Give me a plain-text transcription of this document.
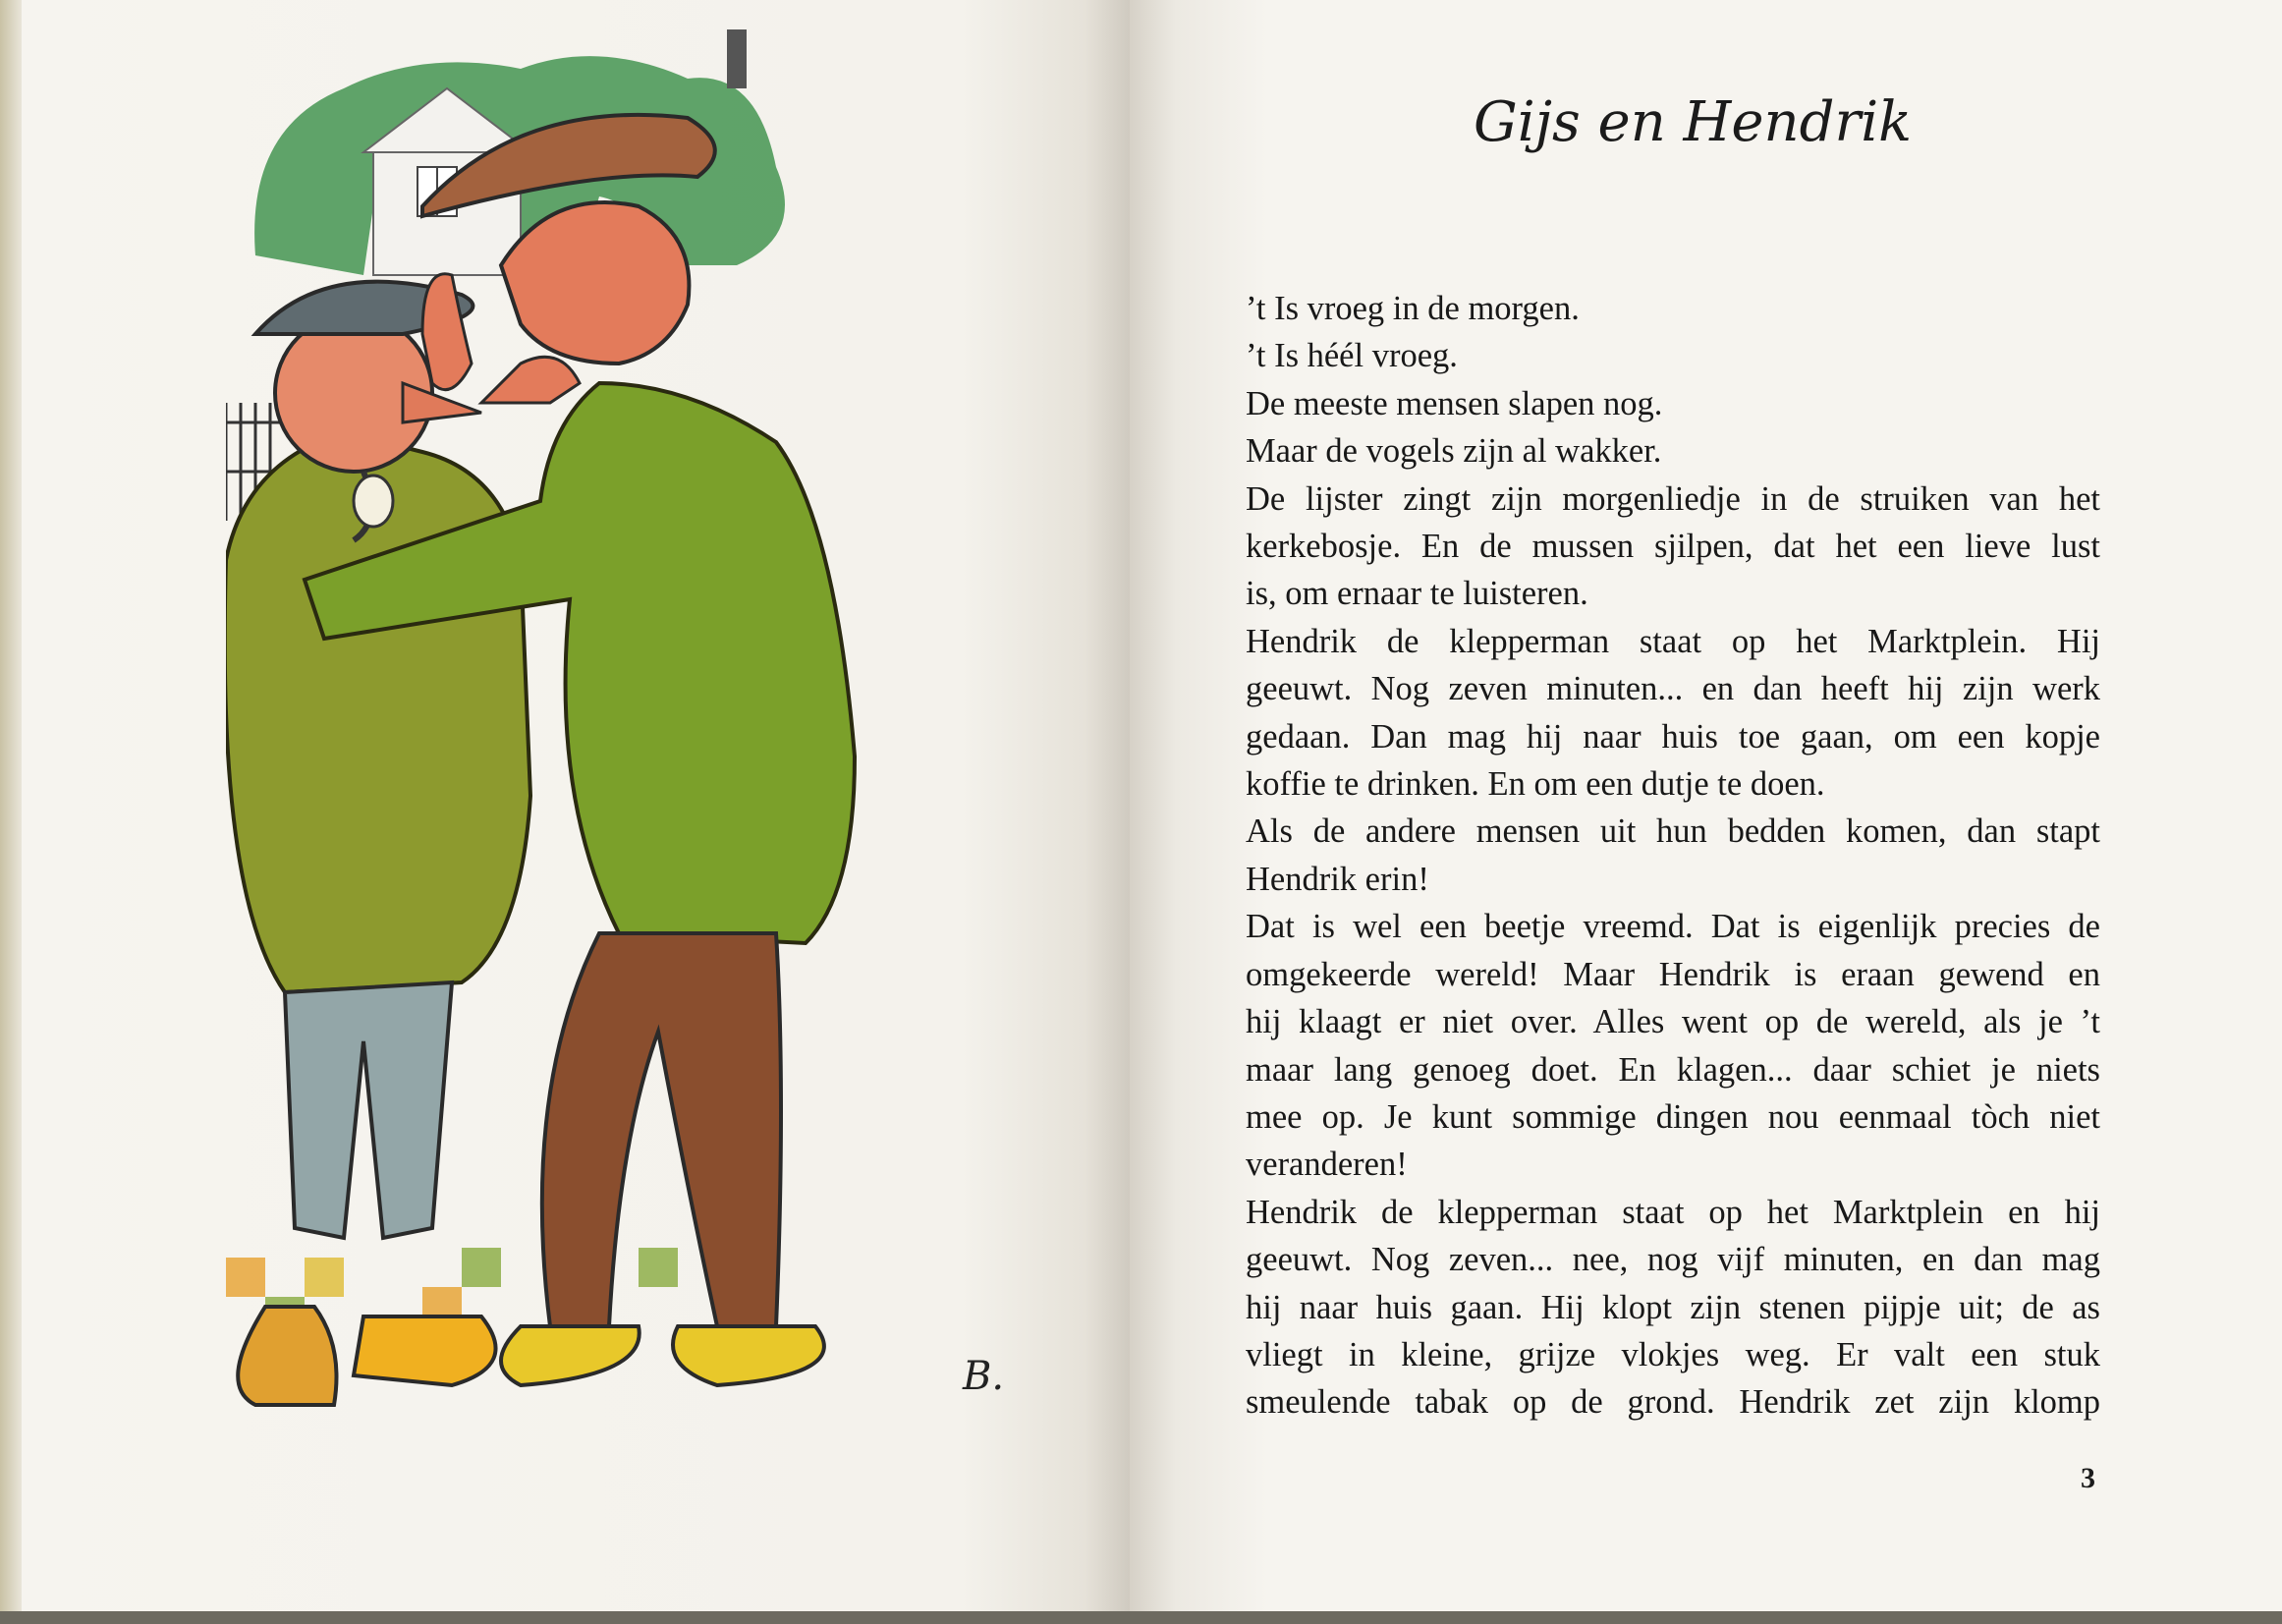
B.
Gijs en Hendrik
’t Is vroeg in de morgen.
’t Is héél vroeg.
De meeste mensen slapen nog.
Maar de vogels zijn al wakker.
De lijster zingt zijn morgenliedje in de struiken van het
kerkebosje. En de mussen sjilpen, dat het een lieve lust
is, om ernaar te luisteren.
Hendrik de klepperman staat op het Marktplein. Hij
geeuwt. Nog zeven minuten... en dan heeft hij zijn werk
gedaan. Dan mag hij naar huis toe gaan, om een kopje
koffie te drinken. En om een dutje te doen.
Als de andere mensen uit hun bedden komen, dan stapt
Hendrik erin!
Dat is wel een beetje vreemd. Dat is eigenlijk precies de
omgekeerde wereld! Maar Hendrik is eraan gewend en
hij klaagt er niet over. Alles went op de wereld, als je ’t
maar lang genoeg doet. En klagen... daar schiet je niets
mee op. Je kunt sommige dingen nou eenmaal tòch niet
veranderen!
Hendrik de klepperman staat op het Marktplein en hij
geeuwt. Nog zeven... nee, nog vijf minuten, en dan mag
hij naar huis gaan. Hij klopt zijn stenen pijpje uit; de as
vliegt in kleine, grijze vlokjes weg. Er valt een stuk
smeulende tabak op de grond. Hendrik zet zijn klomp
3
